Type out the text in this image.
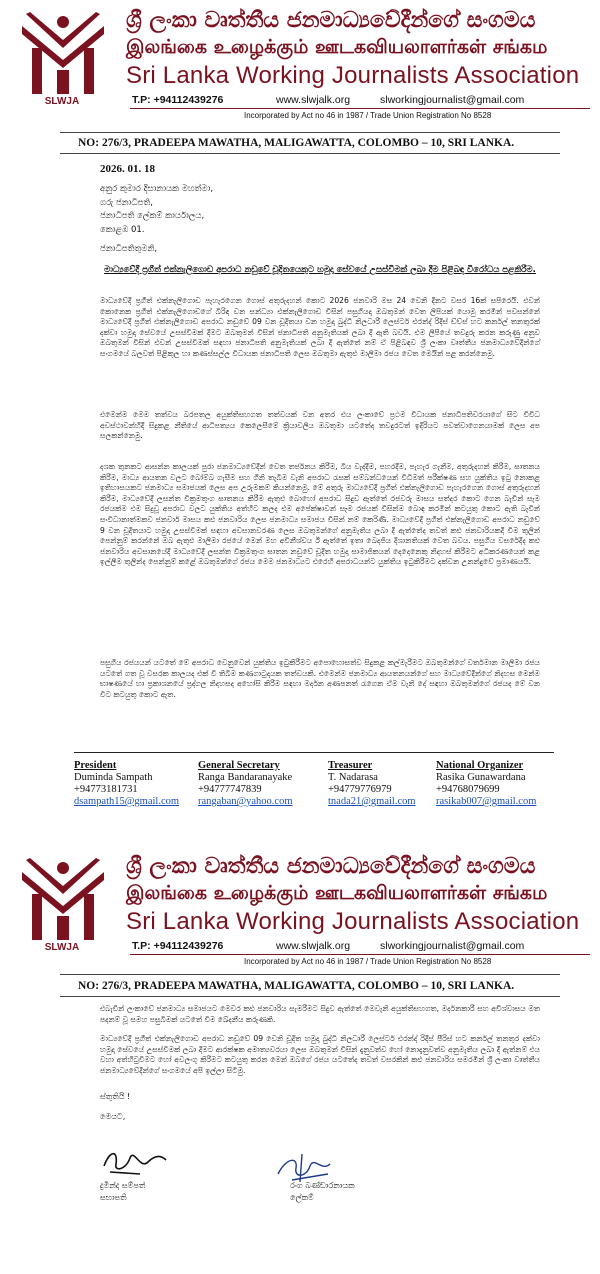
SLWJA
ශ්‍රී ලංකා වෘත්තීය ජනමාධ්‍යවේදීන්ගේ සංගමය
இலங்கை உழைக்கும் ஊடகவியலாளர்கள் சங்கம
Sri Lanka Working Journalists Association
T.P: +94112439276	www.slwjalk.org	slworkingjournalist@gmail.com
Incorporated by Act no 46 in 1987 / Trade Union Registration No 8528
NO: 276/3, PRADEEPA MAWATHA, MALIGAWATTA, COLOMBO – 10, SRI LANKA.
2026. 01. 18
අනුර කුමාර දිසානායක මහත්මා,
ගරු ජනාධිපති,
ජනාධිපති ලේකම් කාර්යාලය,
කොළඹ 01.
ජනාධිපතිතුමනි,
මාධ්‍යවේදී ප්‍රගීත් එක්නැලිගොඩ අපරාධ නඩුවේ චූදිතයෙකුට හමුදා සේවයේ උසස්වීමක් ලබා දීම පිළිබඳ විරෝධය පළකිරීම.
මාධ්‍යවේදී ප්‍රගීත් එක්නැලිගොඩ පැහැරගෙන ගොස් අතුරුදහන් කොට 2026 ජනවාරි මස 24 වෙනි දිනට වසර 16ක් සපිරෙයි. එවන් කොනෙක ප්‍රගීත් එක්නැලිගොඩගේ බිරිඳ වන සන්ධ්‍යා එක්නැලිගොඩ විසින් පසුගියදා ඔබතුමන් වෙත ලිපියක් යොමු කරමින් පවසන්නේ මාධ්‍යවේදී ප්‍රගීත් එක්නැලිගොඩ අපරාධ නඩුවේ 09 වන චූදිතයා වන හමුදා බුද්ධි නිලධාරී ලෙස්ටර් එරන්ද් රිදීස් ඩ්ව්ස් හට කර්නල් තනතුරක් දක්වා හමුදා සේවයේ උසස්වීමක් දීමට ඔබතුමන් විසින් ජනාධිපති අනුමැතියක් ලබා දී ඇති බවයි. එම ලිපියේ තවදුරු කරන කරුණු අනුව ඔබතුමන් විසින් එවන් උසස්වීමක් සඳහා ජනාධිපති අනුමැතියක් ලබා දී ඇත්තේ නම් ඒ පිළිබඳව ශ්‍රී ලංකා වෘත්තීය ජනමාධ්‍යවේදීන්ගේ සංගමයේ බලවත් පිළිකුල හා කණස්සල්ල විධායක ජනාධිපති ලෙස ඔබතුමා ඇතුළු මාලිමා රජය වෙත මෙයින් පළ කරන්නෙමු.
එමෙන්ම මෙම තත්වය බරපතල අයුක්තිසහගත තත්වයක් වන අතර එය ලංකාවේ ප්‍රථම විධායක ජනාධිපතිවරයාගේ සිට විවිධ අවස්ථාවන්හිදී සිදුකළ නීතියේ ආධිපත්‍යය කෙලෙසීමේ ක්‍රියාවලිය ඔබතුමා යටතේද තවදුරටත් ඉදිරියට පවත්වාගෙනයාමක් ලෙස අප සලකන්නෙමු.
දශක තුනකට ආසන්න කාලයක් පුරා ජනමාධ්‍යවේදීන් වෙත තර්ජනය කිරීම, බිය වැද්දීම, පහරදීම, පැහැර ගැනීම, අතුරුදහන් කිරීම, ඝාතනය කිරීම, මාධ්‍ය ආයතන වලට බෝම්බ ගැසීම සහ ගිනි තැබීම වැනි අපරාධ රැසක් සම්බන්ධයෙන් විධිමත් පරීක්ෂණ සහ යුක්තිය ඉටු නොකළ ඉතිහාසයකට ජනමාධ්‍ය සමාජයක් ලෙස අප උරුමකම් කියන්නෙමු. මේ අතුරු මාධ්‍යවේදී ප්‍රගීත් එක්නැලිගොඩ පැහැරගෙන ගොස් අතුරුදහන් කිරීම, මාධ්‍යවේදී ලසන්ත වික්‍රමතුංග ඝාතනය කිරීම ඇතුළු බොහෝ අපරාධ සිදුව ඇත්තේ රජවරු මාසය සත්දර කොට ගෙන බැවින් සැම රජයක්ම එම සිදුවූ අපරාධ වලට යුක්තිය අත්හිට කලද එම අපේක්ෂාවන් සෑම රජයක් විසින්ම බොඳ කරමින් කටයුතු කොට ඇති බැවින් සංවිධානාත්මකව ජනවාර් මාසය කළු ජනවාරිය ලෙස ජනමාධ්‍ය සමාජය විසින් නම් කෙරිණි. මාධ්‍යවේදී ප්‍රගීත් එක්නැලිගොඩ අපරාධ නඩුවේ 9 වන චූදිතයාට හමුදා උසස්වීමක් සඳහා අවසානවරණ ලෙස ඔබතුමන්ගේ අනුමැතිය ලබා දී ඇත්තේද තවත් කළු ජනවාරියකදී විම තුලින් පෙන්නුම් කරන්නේ ඔබ ඇතුළු මාලිමා රජයේ මෙන් මහ අවිනීශ්චය ඊ ඇත්තේ ඉතා බෙදජිය දිශානතියක් වෙත බවය. පසුගිය වසරේදීද කළු ජනවාරිය අවසානයේදී මාධ්‍යවේදී ලසන්ත වික්‍රමතුංග ඝාතන නඩුවේ චූදිත හමුදා සාමාජිකයන් දෙදෙනෙකු නිදහස් කිරීමට අධිකරණයෙන් කළ ඉල්ලීම තුලින්ද පෙන්නුම් කළේ ඔබතුමන්ගේ රජය මෙම ජනමාධ්‍යට එරෙහි අපරාධයන්ට යුක්තිය ඉටුකිරීමට දක්වන උනන්දුවේ ප්‍රමාණයයි.
පසුගිය රජයයන් යටතේ මේ අපරාධ වෙනුවෙන් යුක්තිය ඉටුකිරීමට අපොහොසත්ව සිදුකළ කල්මැරීමට ඔබතුමන්ගේ වර්තමාන මාලිමා රජය යටතේ ගත වූ වසරක කාලයද එක් වී තිබීම කණගාටුදායක තත්වයකි. එමෙන්ම ජනමාධ්‍ය ආයතනයන්ගේ සහ මාධ්‍යවේදීන්ගේ නිදහස මෙන්ම භාෂණයේ හා ප්‍රකාශනයේ ප්‍රද්ගල නිදහසද අහෝසි කිරීම සඳහා මර්දන අණපනත් රැගෙන ඒම වැනි දේ සඳහා ඔබතුමන්ගේ රජයද මේ වන විට කටයුතු කොට ඇත.
President
Duminda Sampath
+94773181731
dsampath15@gmail.com
General Secretary
Ranga Bandaranayake
+94777747839
rangaban@yahoo.com
Treasurer
T. Nadarasa
+94779776979
tnada21@gmail.com
National Organizer
Rasika Gunawardana
+94768079699
rasikab007@gmail.com
SLWJA
ශ්‍රී ලංකා වෘත්තීය ජනමාධ්‍යවේදීන්ගේ සංගමය
இலங்கை உழைக்கும் ஊடகவியலாளர்கள் சங்கம
Sri Lanka Working Journalists Association
T.P: +94112439276	www.slwjalk.org	slworkingjournalist@gmail.com
Incorporated by Act no 46 in 1987 / Trade Union Registration No 8528
NO: 276/3, PRADEEPA MAWATHA, MALIGAWATTA, COLOMBO – 10, SRI LANKA.
එබැවින් ලංකාවේ ජනමාධ්‍ය සමාජයට මෙවර කළු ජනවාරිය සැමරීමට සිදුව ඇත්තේ මෙවැනි අයුක්තිසහගත, මර්දනකාරී සහ අවිශ්වාසය මත පදනම් වූ සමහ පසුබිමක් යටතේ විම ඛේදනීය කරුණකි.
මාධ්‍යවේදී ප්‍රගීත් එක්නැලිගොඩ අපරාධ නඩුවේ 09 වෙනි චූදිත හමුදා බුද්ධි නිලධාරී ලෙස්ටර් එරන්ද් රිදීස් පීරිස් හට කර්නල් තනතුර දක්වා හමුදා සේවයේ උසස්වීමක් ලබා දීමට ආරක්ෂක අමාත්‍යවරයා ලෙස ඔබතුමන් විසින් දැනුවත්ව හෝ නොදැනුවත්ව අනුමැතිය ලබා දී ඇත්නම් එය වහා අත්හිටුවීමට හෝ අවලංගු කිරීමට කටයුතු කරන මෙන් ඔබගේ රජය යටතේද තවත් වසරකින් කළු ජනවාරිය සමරමින් ශ්‍රී ලංකා වෘත්තීය ජනමාධ්‍යවේදීන්ගේ සංගමයේ අපි ඉල්ලා සිටිමු.
ස්තුතියි !
මෙයට,
දුමින්ද සම්පත්
සභාපති
රංග බණ්ඩාරනායක
ලේකම්
